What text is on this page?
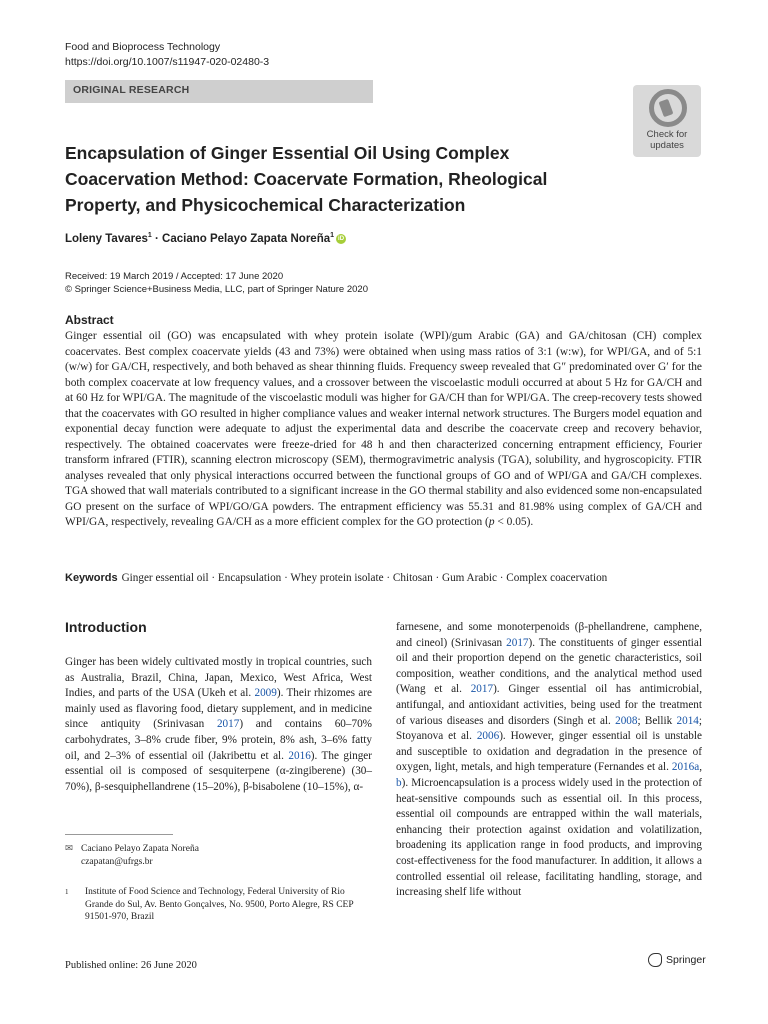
Food and Bioprocess Technology
https://doi.org/10.1007/s11947-020-02480-3
ORIGINAL RESEARCH
Check for
updates
Encapsulation of Ginger Essential Oil Using Complex Coacervation Method: Coacervate Formation, Rheological Property, and Physicochemical Characterization
Loleny Tavares$^1$ · Caciano Pelayo Zapata Noreña$^1$ iD
Received: 19 March 2019 / Accepted: 17 June 2020
© Springer Science+Business Media, LLC, part of Springer Nature 2020
Abstract
Ginger essential oil (GO) was encapsulated with whey protein isolate (WPI)/gum Arabic (GA) and GA/chitosan (CH) complex coacervates. Best complex coacervate yields (43 and 73%) were obtained when using mass ratios of 3:1 (w:w), for WPI/GA, and of 5:1 (w/w) for GA/CH, respectively, and both behaved as shear thinning fluids. Frequency sweep revealed that G″ predominated over G′ for the both complex coacervate at low frequency values, and a crossover between the viscoelastic moduli occurred at about 5 Hz for GA/CH and at 60 Hz for WPI/GA. The magnitude of the viscoelastic moduli was higher for GA/CH than for WPI/GA. The creep-recovery tests showed that the coacervates with GO resulted in higher compliance values and weaker internal network structures. The Burgers model equation and exponential decay function were adequate to adjust the experimental data and describe the coacervate creep and recovery behavior, respectively. The obtained coacervates were freeze-dried for 48 h and then characterized concerning entrapment efficiency, Fourier transform infrared (FTIR), scanning electron microscopy (SEM), thermogravimetric analysis (TGA), solubility, and hygroscopicity. FTIR analyses revealed that only physical interactions occurred between the functional groups of GO and of WPI/GA and GA/CH complexes. TGA showed that wall materials contributed to a significant increase in the GO thermal stability and also evidenced some non-encapsulated GO present on the surface of WPI/GO/GA powders. The entrapment efficiency was 55.31 and 81.98% using complex of GA/CH and WPI/GA, respectively, revealing GA/CH as a more efficient complex for the GO protection (p < 0.05).
Keywords Ginger essential oil · Encapsulation · Whey protein isolate · Chitosan · Gum Arabic · Complex coacervation
Introduction

Ginger has been widely cultivated mostly in tropical countries, such as Australia, Brazil, China, Japan, Mexico, West Africa, West Indies, and parts of the USA (Ukeh et al. 2009). Their rhizomes are mainly used as flavoring food, dietary supplement, and in medicine since antiquity (Srinivasan 2017) and contains 60–70% carbohydrates, 3–8% crude fiber, 9% protein, 8% ash, 3–6% fatty oil, and 2–3% of essential oil (Jakribettu et al. 2016). The ginger essential oil is composed of sesquiterpene (α-zingiberene) (30–70%), β-sesquiphellandrene (15–20%), β-bisabolene (10–15%), α-

farnesene, and some monoterpenoids (β-phellandrene, camphene, and cineol) (Srinivasan 2017). The constituents of ginger essential oil and their proportion depend on the genetic characteristics, soil composition, weather conditions, and the analytical method used (Wang et al. 2017). Ginger essential oil has antimicrobial, antifungal, and antioxidant activities, being used for the treatment of various diseases and disorders (Singh et al. 2008; Bellik 2014; Stoyanova et al. 2006). However, ginger essential oil is unstable and susceptible to oxidation and degradation in the presence of oxygen, light, metals, and high temperature (Fernandes et al. 2016a, b). Microencapsulation is a process widely used in the protection of heat-sensitive compounds such as essential oil. In this process, essential oil compounds are entrapped within the wall materials, enhancing their protection against oxidation and volatilization, broadening its application range in food products, and improving cost-effectiveness for the food manufacturer. In addition, it allows a controlled essential oil release, facilitating handling, storage, and increasing shelf life without

✉ Caciano Pelayo Zapata Noreña
czapatan@ufrgs.br
1 Institute of Food Science and Technology, Federal University of Rio Grande do Sul, Av. Bento Gonçalves, No. 9500, Porto Alegre, RS CEP 91501-970, Brazil
Published online: 26 June 2020	Springer
